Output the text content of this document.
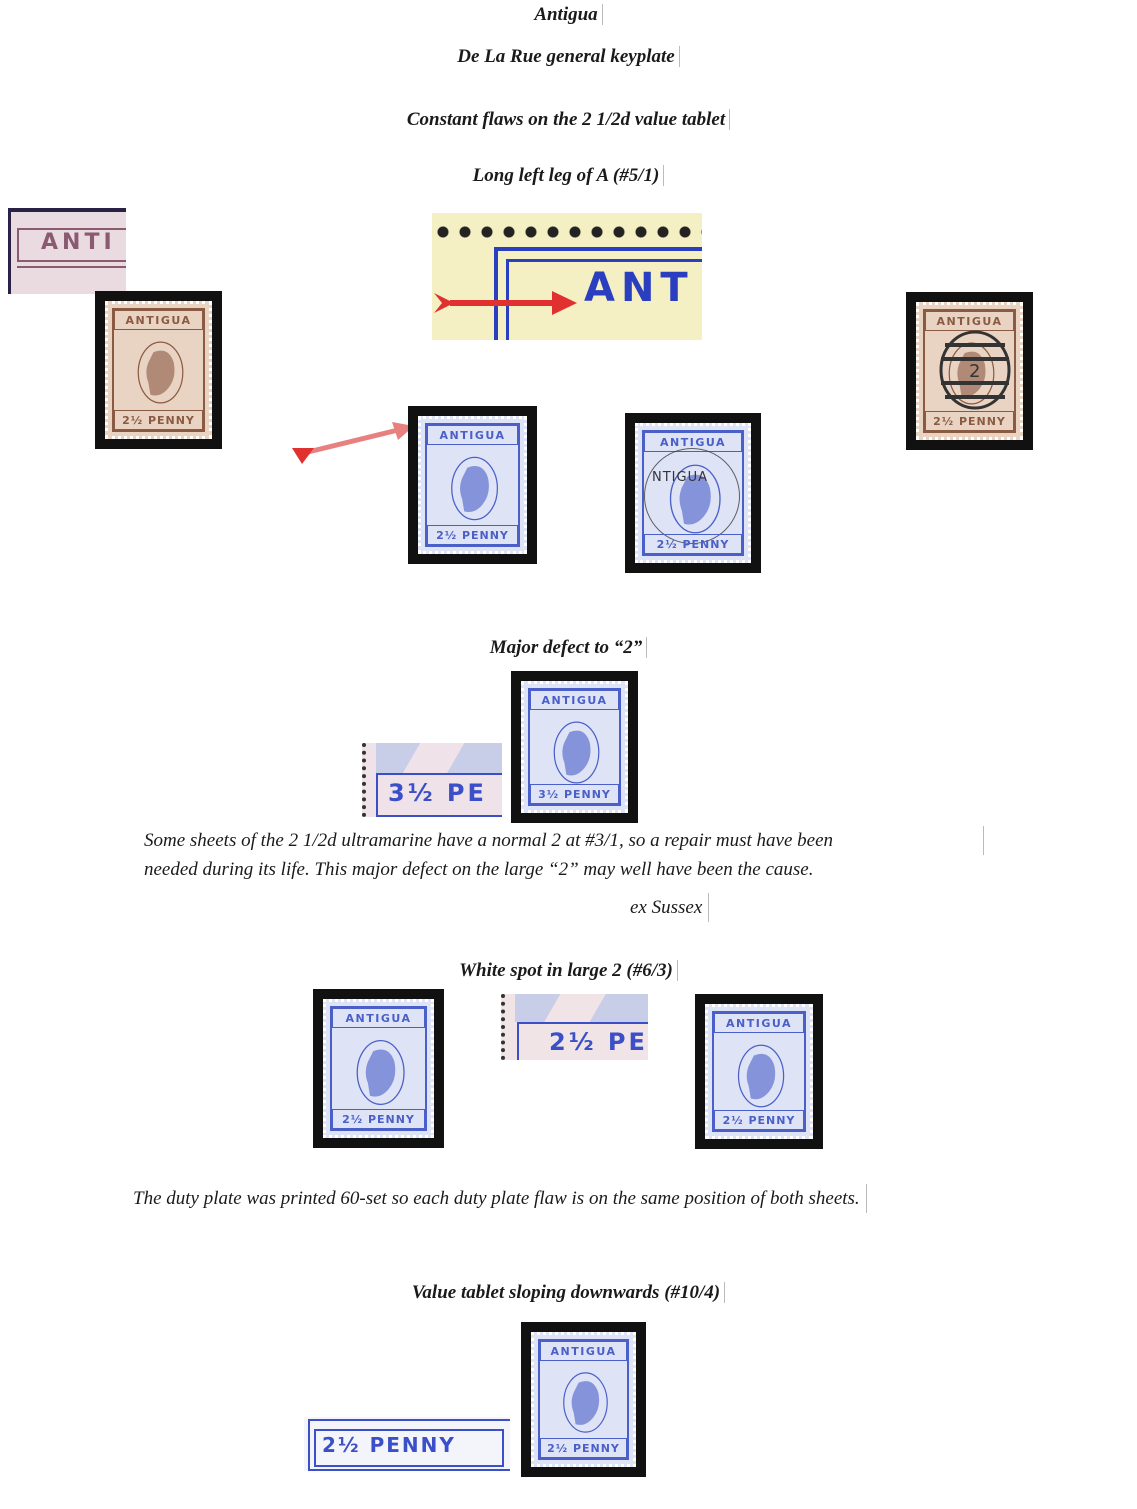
Antigua
De La Rue general keyplate
Constant flaws on the 2 1/2d value tablet
Long left leg of A (#5/1)
ANTI
ANTIGUA
2½ PENNY
ANT
ANTIGUA
2
2½ PENNY
ANTIGUA
2½ PENNY
ANTIGUA
NTIGUA
2½ PENNY
Major defect to “2”
ANTIGUA
3½ PENNY
3½ PE
Some sheets of the 2 1/2d ultramarine have a normal 2 at #3/1, so a repair must have been
needed during its life. This major defect on the large “2” may well have been the cause.
ex Sussex
White spot in large 2 (#6/3)
ANTIGUA
2½ PENNY
2½ PE
ANTIGUA
2½ PENNY
The duty plate was printed 60-set so each duty plate flaw is on the same position of both sheets.
Value tablet sloping downwards (#10/4)
2½ PENNY
ANTIGUA
2½ PENNY
